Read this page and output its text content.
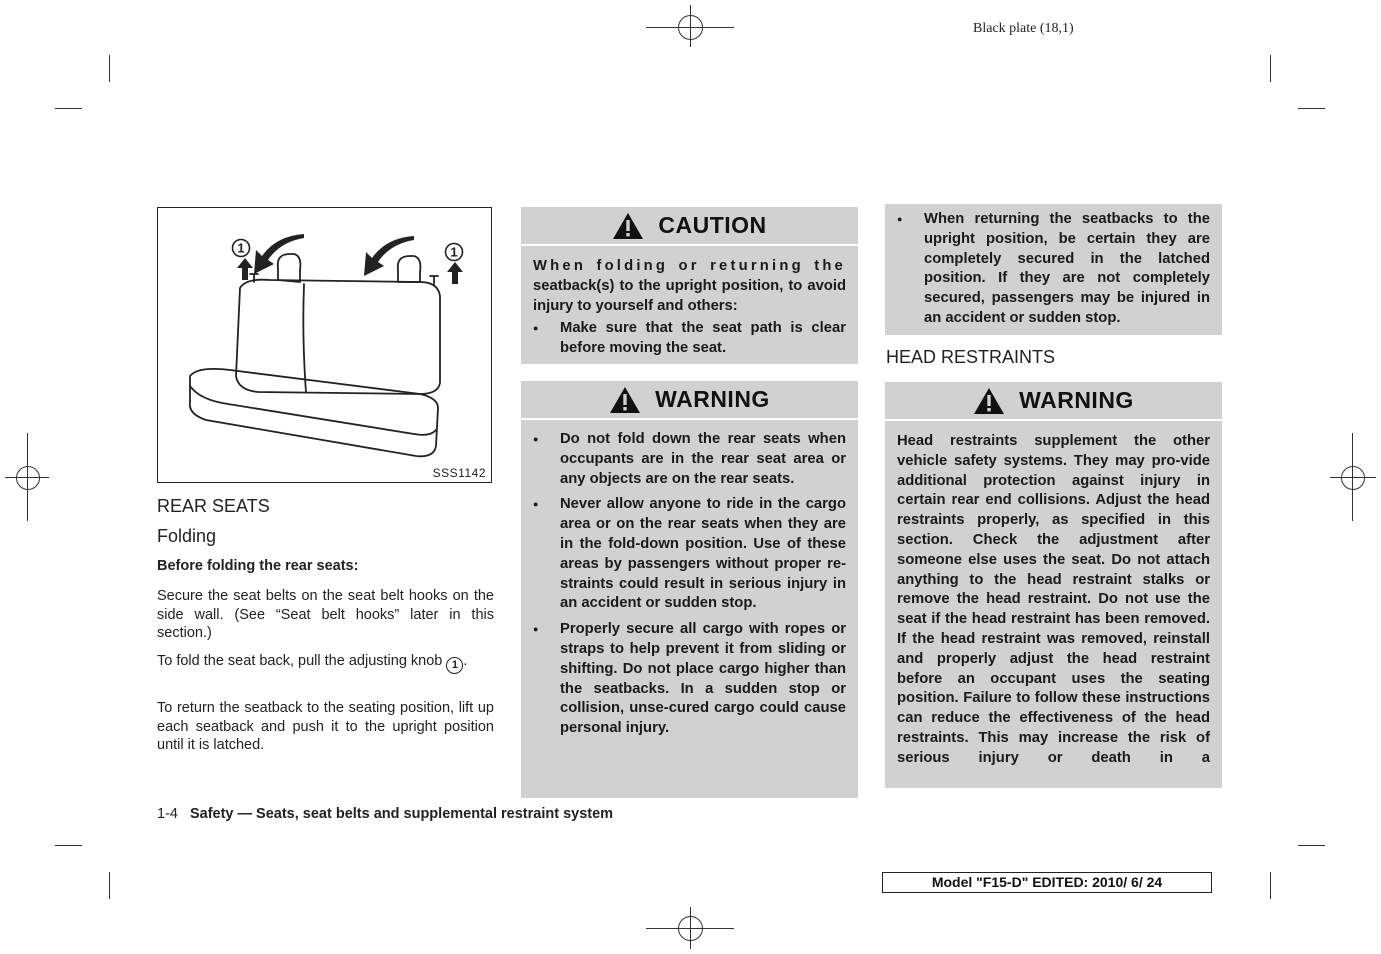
Black plate (18,1)
1	1
SSS1142
REAR SEATS
Folding
Before folding the rear seats:
Secure the seat belts on the seat belt hooks on the side wall. (See “Seat belt hooks” later in this section.)
To fold the seat back, pull the adjusting knob 1 .
To return the seatback to the seating position, lift up each seatback and push it to the upright position until it is latched.
CAUTION
When folding or returning the
seatback(s) to the upright position, to avoid injury to yourself and others:
● Make sure that the seat path is clear before moving the seat.
WARNING
● Do not fold down the rear seats when occupants are in the rear seat area or any objects are on the rear seats.
● Never allow anyone to ride in the cargo area or on the rear seats when they are in the fold-down position. Use of these areas by passengers without proper re-straints could result in serious injury in an accident or sudden stop.
● Properly secure all cargo with ropes or straps to help prevent it from sliding or shifting. Do not place cargo higher than the seatbacks. In a sudden stop or collision, unse-cured cargo could cause personal injury.
● When returning the seatbacks to the upright position, be certain they are completely secured in the latched position. If they are not completely secured, passengers may be injured in an accident or sudden stop.
HEAD RESTRAINTS
WARNING
Head restraints supplement the other vehicle safety systems. They may pro-vide additional protection against injury in certain rear end collisions. Adjust the head restraints properly, as specified in this section. Check the adjustment after someone else uses the seat. Do not attach anything to the head restraint stalks or remove the head restraint. Do not use the seat if the head restraint has been removed. If the head restraint was removed, reinstall and properly adjust the head restraint before an occupant uses the seating position. Failure to follow these instructions can reduce the effectiveness of the head restraints. This may increase the risk of serious injury or death in a
1-4 Safety — Seats, seat belts and supplemental restraint system
Model "F15-D" EDITED: 2010/ 6/ 24
